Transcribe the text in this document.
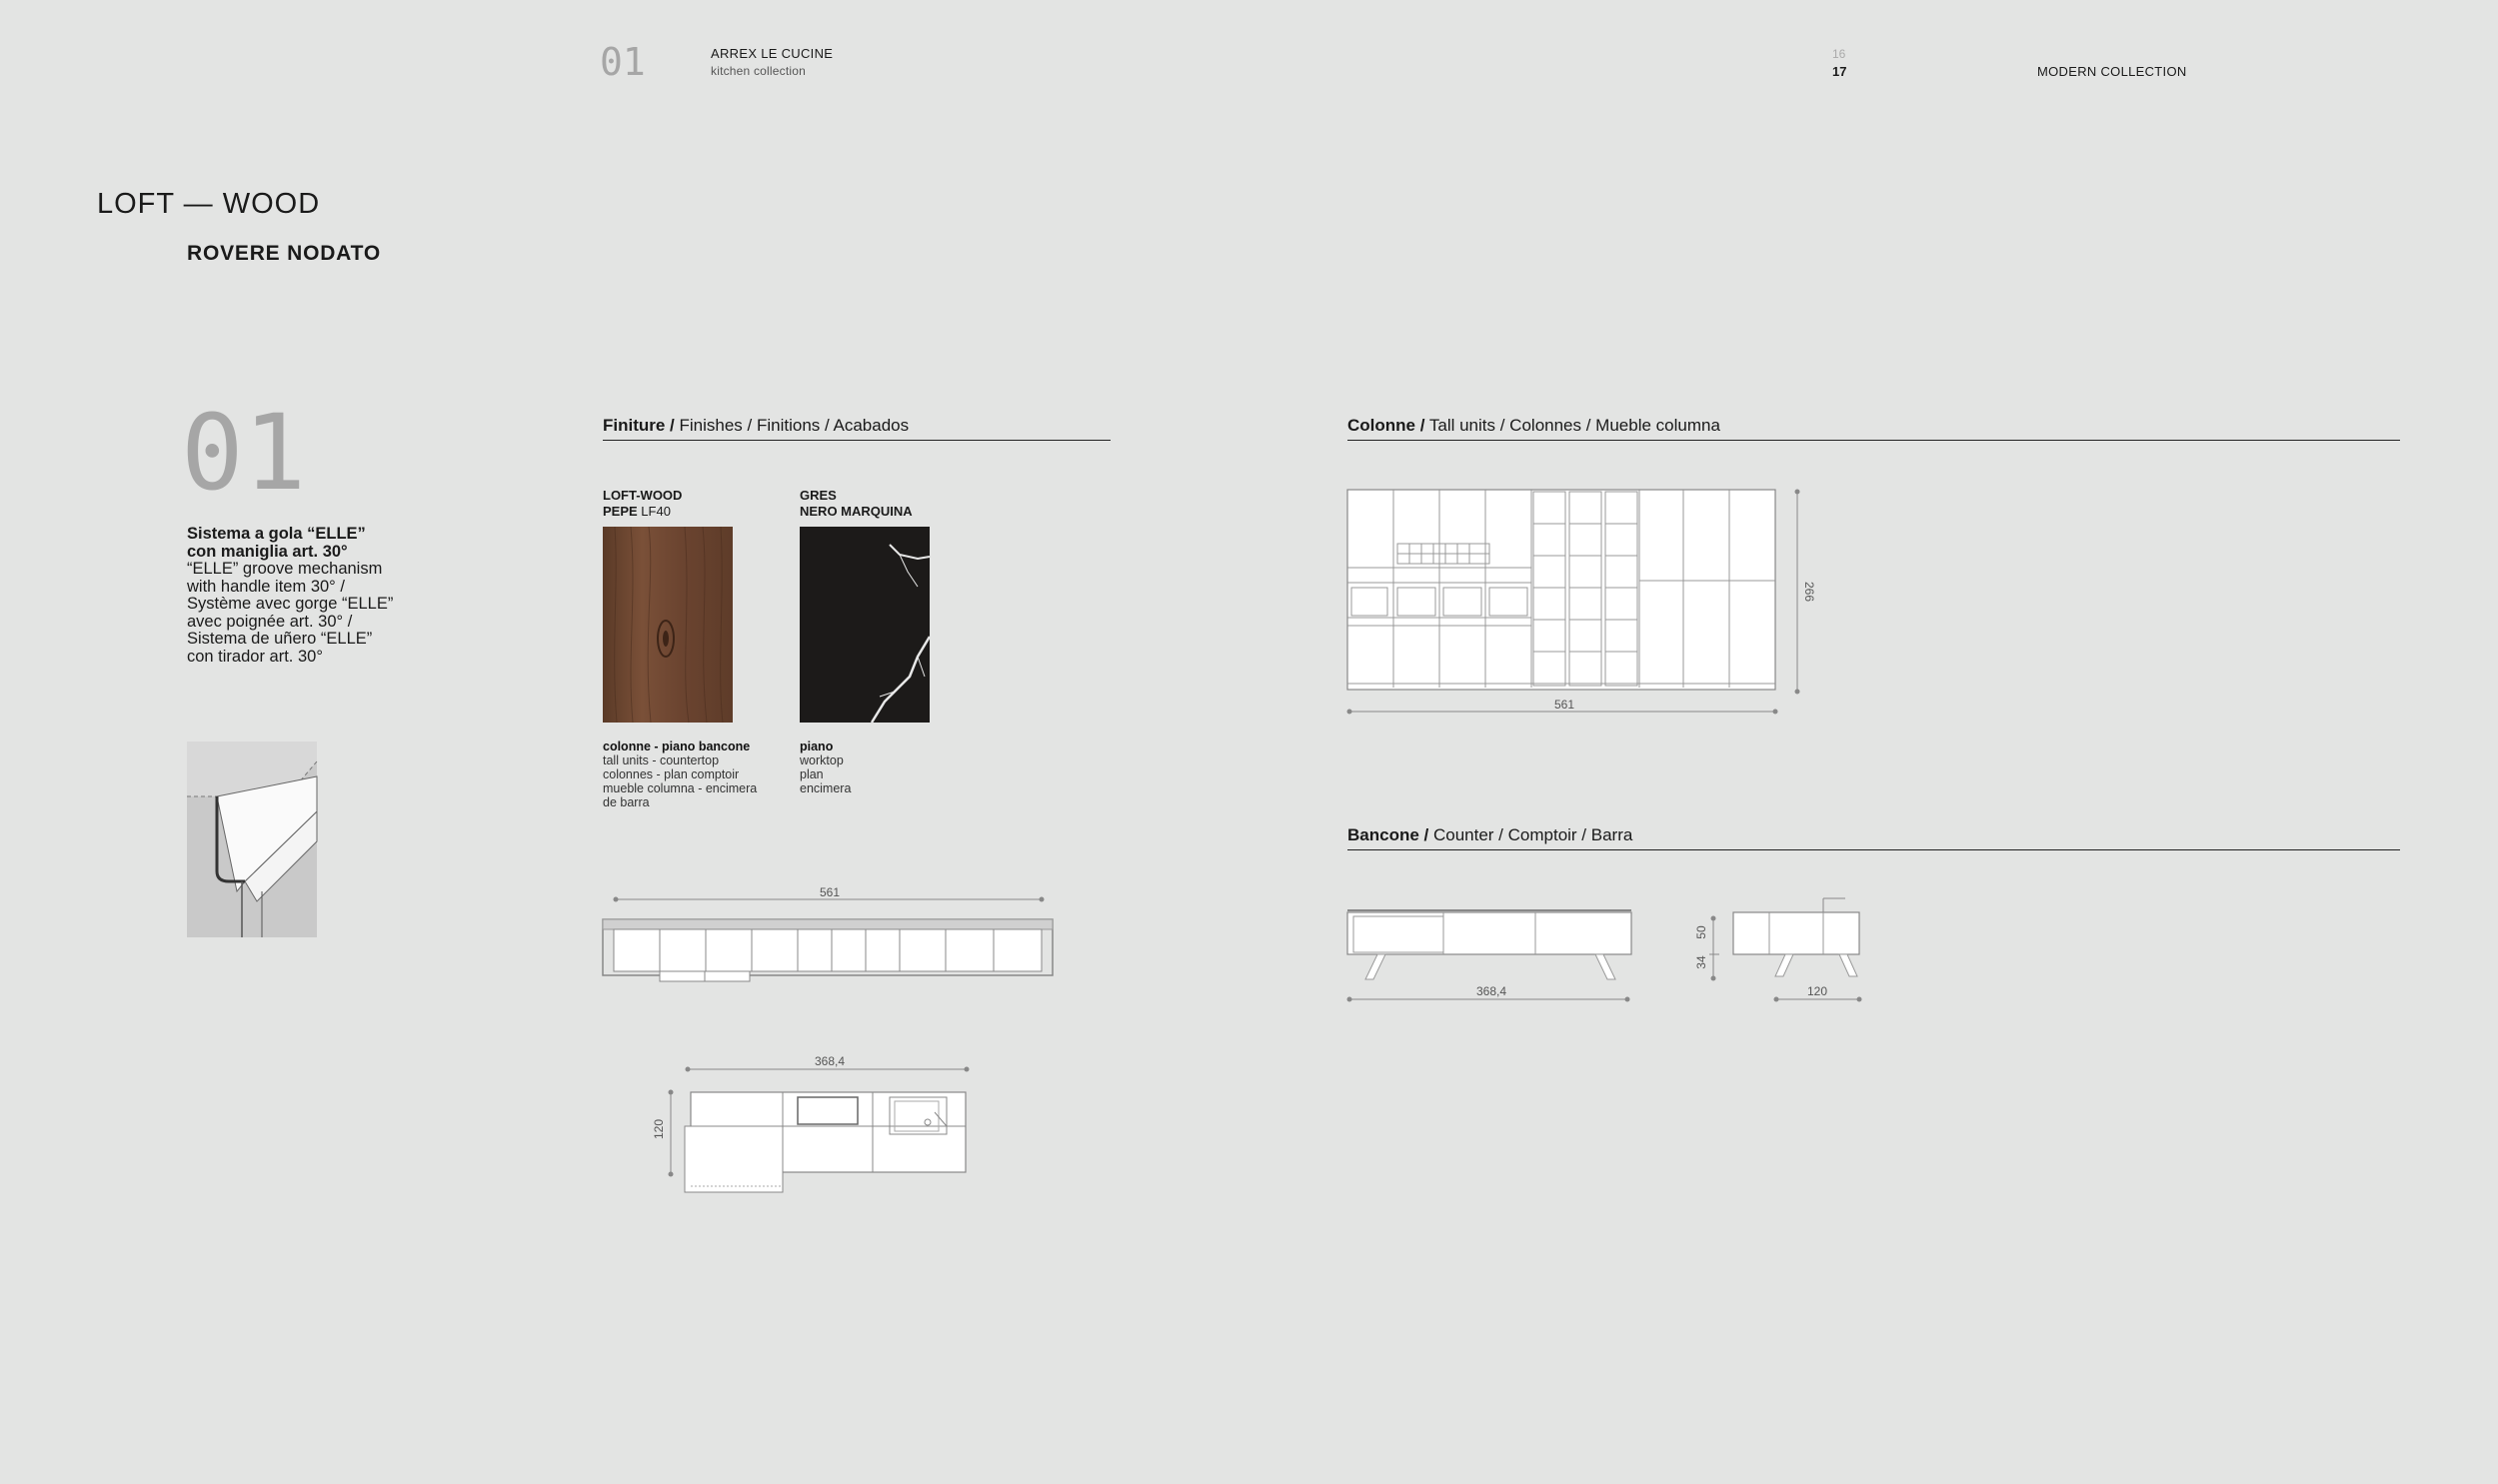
01	ARREX LE CUCINE
kitchen collection
16
17	MODERN COLLECTION
LOFT — WOOD
ROVERE NODATO
01
Sistema a gola “ELLE”
con maniglia art. 30°
“ELLE” groove mechanism
with handle item 30° /
Système avec gorge “ELLE”
avec poignée art. 30° /
Sistema de uñero “ELLE”
con tirador art. 30°
Finiture / Finishes / Finitions / Acabados
LOFT-WOOD
PEPE LF40
colonne - piano bancone
tall units - countertop
colonnes - plan comptoir
mueble columna - encimera
de barra
GRES
NERO MARQUINA
piano
worktop
plan
encimera
561
368,4
120
Colonne / Tall units / Colonnes / Mueble columna
266
561
Bancone / Counter / Comptoir / Barra
368,4
50
34
120
